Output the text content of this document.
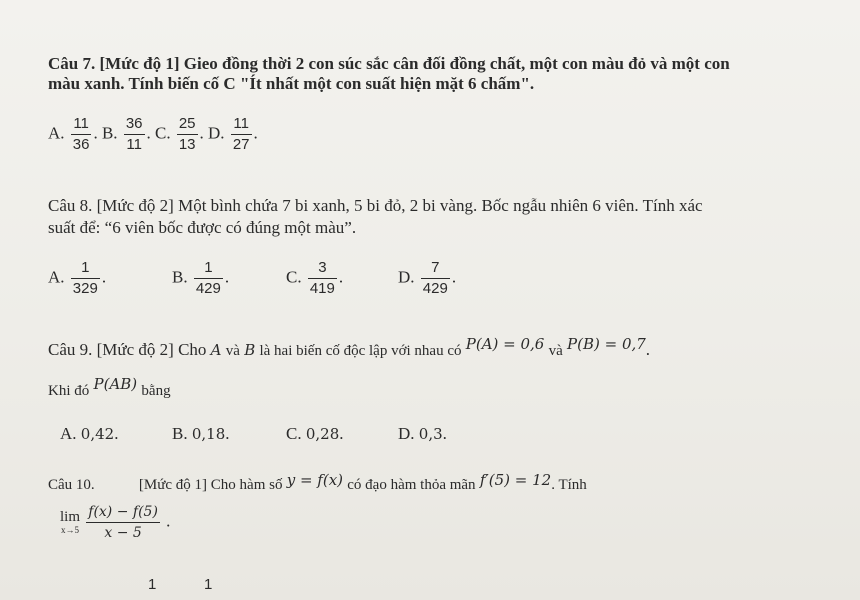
Câu 7. [Mức độ 1] Gieo đồng thời 2 con súc sắc cân đối đồng chất, một con màu đỏ và một con
màu xanh. Tính biến cố C "Ít nhất một con suất hiện mặt 6 chấm".
A. $\frac{11}{36}$ . B. $\frac{36}{11}$ . C. $\frac{25}{13}$ . D. $\frac{11}{27}$ .
Câu 8. [Mức độ 2] Một bình chứa 7 bi xanh, 5 bi đỏ, 2 bi vàng. Bốc ngẫu nhiên 6 viên. Tính xác
suất để: “6 viên bốc được có đúng một màu”.
A. $\frac{1}{329}$ .	B. $\frac{1}{429}$ .	C. $\frac{3}{419}$ .	D. $\frac{7}{429}$ .
Câu 9. [Mức độ 2] Cho A và B là hai biến cố độc lập với nhau có P(A) = 0,6 và P(B) = 0,7.
Khi đó P(AB) bằng
A. 0,42.	B. 0,18.	C. 0,28.	D. 0,3.
Câu 10.	[Mức độ 1] Cho hàm số y = f(x) có đạo hàm thỏa mãn f′(5) = 12. Tính
lim
x→5
$\frac{f(x) - f(5)}{x - 5}$ .
1	1
